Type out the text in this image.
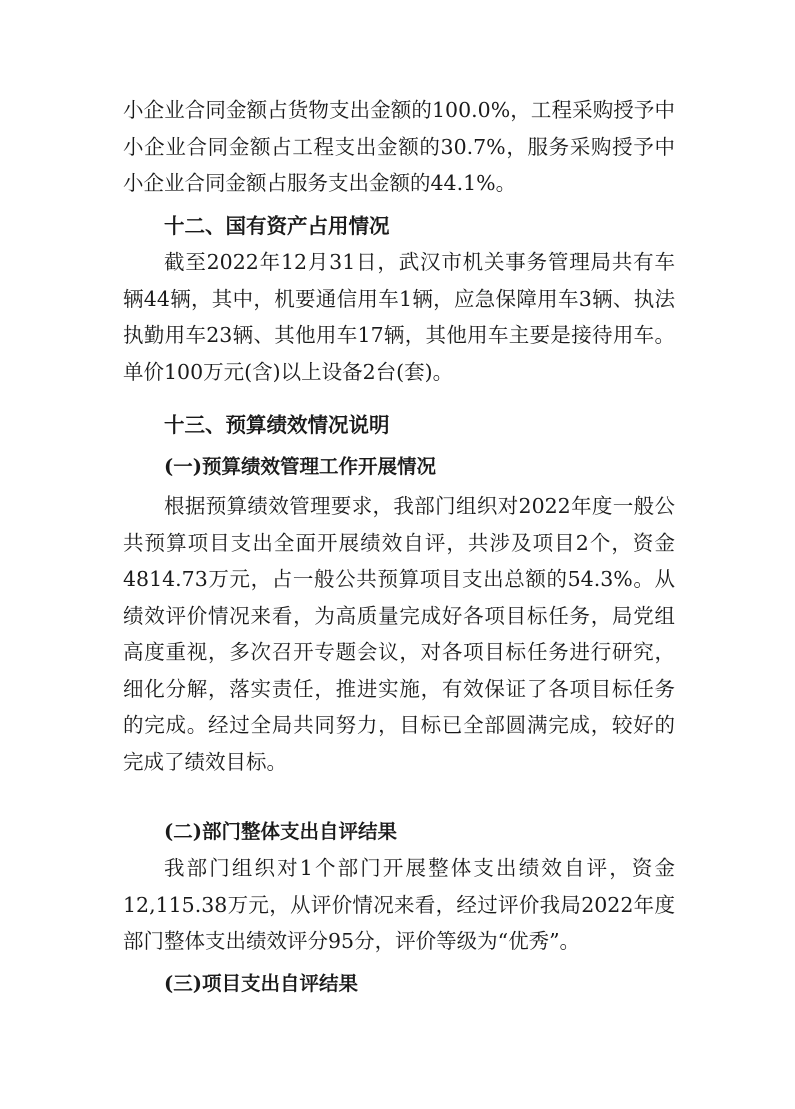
小企业合同金额占货物支出金额的100.0%，工程采购授予中小企业合同金额占工程支出金额的30.7%，服务采购授予中小企业合同金额占服务支出金额的44.1%。

十二、国有资产占用情况

截至2022年12月31日，武汉市机关事务管理局共有车辆44辆，其中，机要通信用车1辆，应急保障用车3辆、执法执勤用车23辆、其他用车17辆，其他用车主要是接待用车。单价100万元(含)以上设备2台(套)。

十三、预算绩效情况说明
(一)预算绩效管理工作开展情况

根据预算绩效管理要求，我部门组织对2022年度一般公共预算项目支出全面开展绩效自评，共涉及项目2个，资金4814.73万元，占一般公共预算项目支出总额的54.3%。从绩效评价情况来看，为高质量完成好各项目标任务，局党组高度重视，多次召开专题会议，对各项目标任务进行研究，细化分解，落实责任，推进实施，有效保证了各项目标任务的完成。经过全局共同努力，目标已全部圆满完成，较好的完成了绩效目标。

(二)部门整体支出自评结果

我部门组织对1个部门开展整体支出绩效自评，资金12,115.38万元，从评价情况来看，经过评价我局2022年度部门整体支出绩效评分95分，评价等级为“优秀”。

(三)项目支出自评结果
